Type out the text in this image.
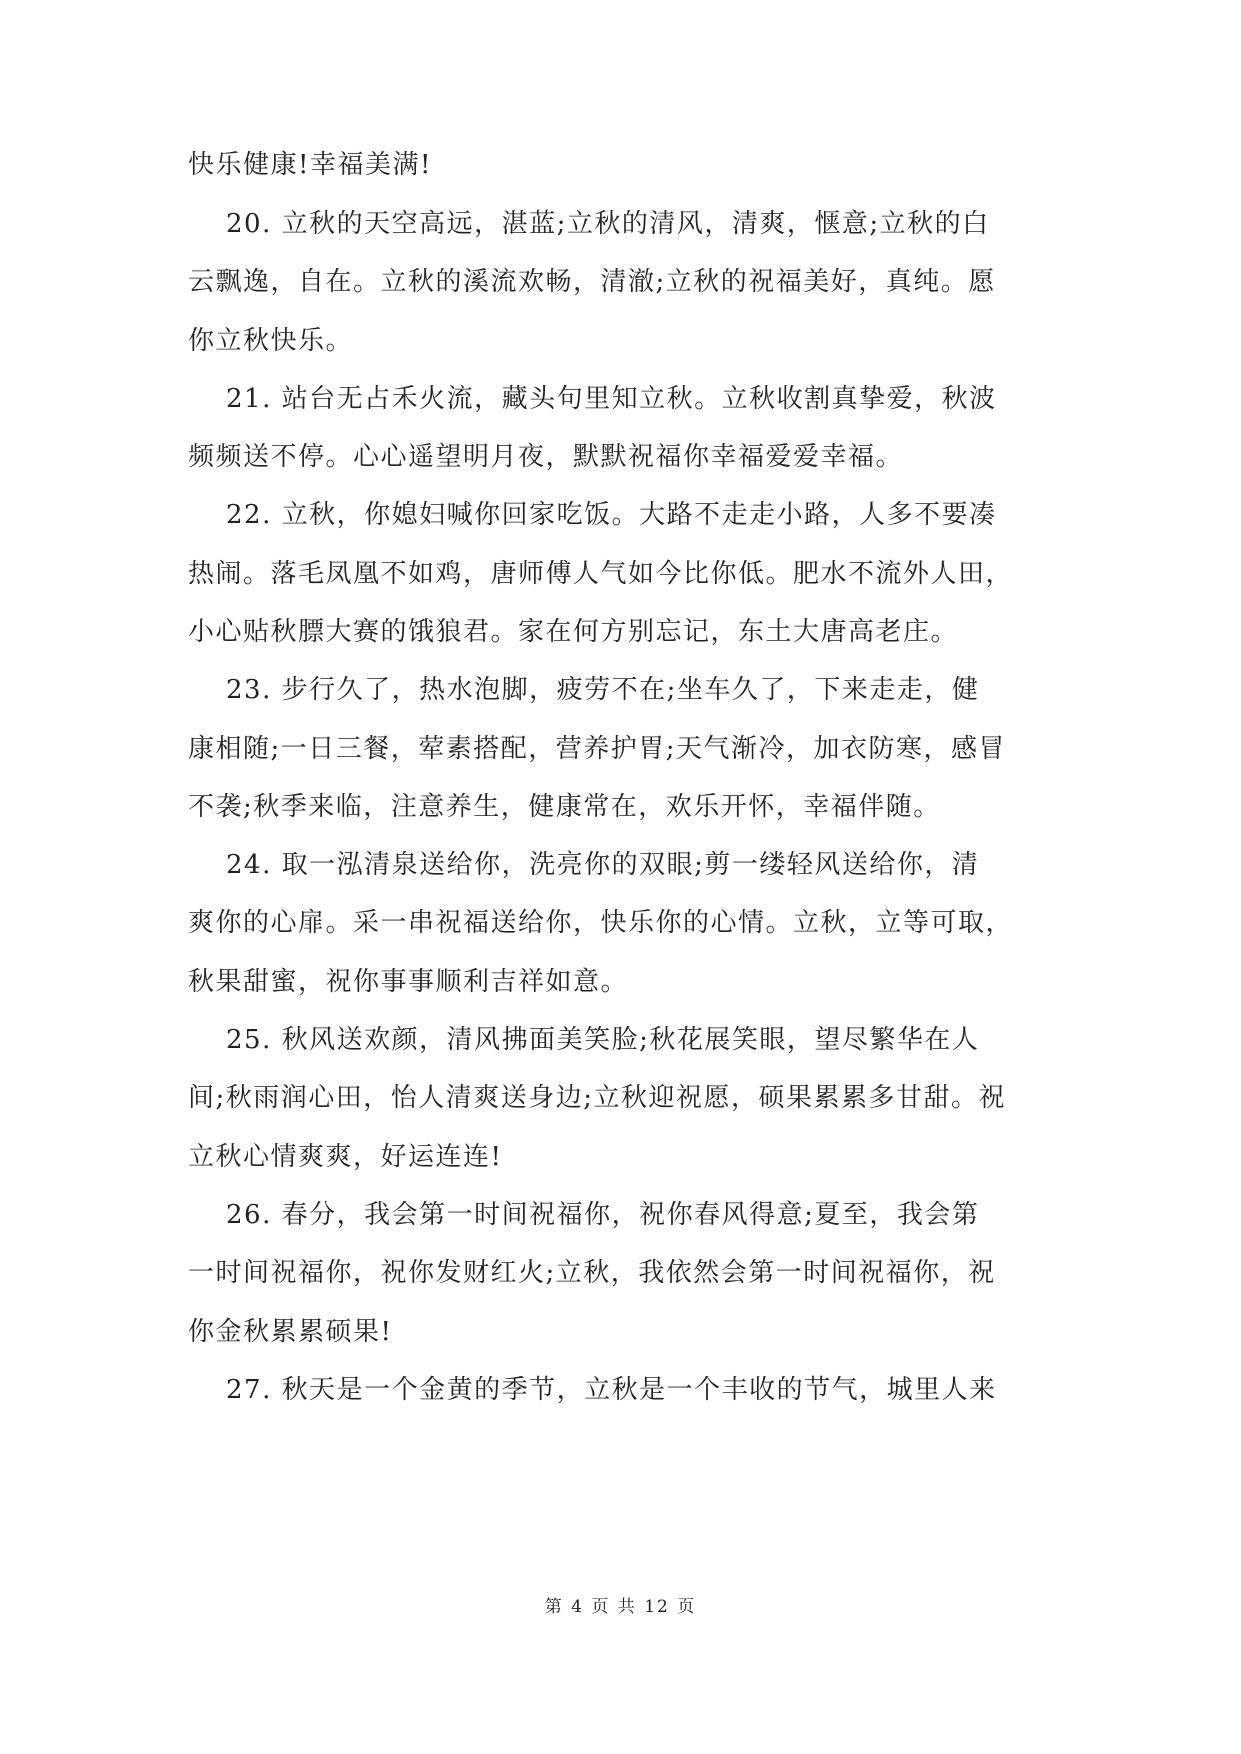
快乐健康!幸福美满!

20. 立秋的天空高远，湛蓝;立秋的清风，清爽，惬意;立秋的白

云飘逸，自在。立秋的溪流欢畅，清澈;立秋的祝福美好，真纯。愿

你立秋快乐。

21. 站台无占禾火流，藏头句里知立秋。立秋收割真挚爱，秋波

频频送不停。心心遥望明月夜，默默祝福你幸福爱爱幸福。

22. 立秋，你媳妇喊你回家吃饭。大路不走走小路，人多不要凑

热闹。落毛凤凰不如鸡，唐师傅人气如今比你低。肥水不流外人田，

小心贴秋膘大赛的饿狼君。家在何方别忘记，东土大唐高老庄。

23. 步行久了，热水泡脚，疲劳不在;坐车久了，下来走走，健

康相随;一日三餐，荤素搭配，营养护胃;天气渐冷，加衣防寒，感冒

不袭;秋季来临，注意养生，健康常在，欢乐开怀，幸福伴随。

24. 取一泓清泉送给你，洗亮你的双眼;剪一缕轻风送给你，清

爽你的心扉。采一串祝福送给你，快乐你的心情。立秋，立等可取，

秋果甜蜜，祝你事事顺利吉祥如意。

25. 秋风送欢颜，清风拂面美笑脸;秋花展笑眼，望尽繁华在人

间;秋雨润心田，怡人清爽送身边;立秋迎祝愿，硕果累累多甘甜。祝

立秋心情爽爽，好运连连!

26. 春分，我会第一时间祝福你，祝你春风得意;夏至，我会第

一时间祝福你，祝你发财红火;立秋，我依然会第一时间祝福你，祝

你金秋累累硕果!

27. 秋天是一个金黄的季节，立秋是一个丰收的节气，城里人来

第 4 页 共 12 页
